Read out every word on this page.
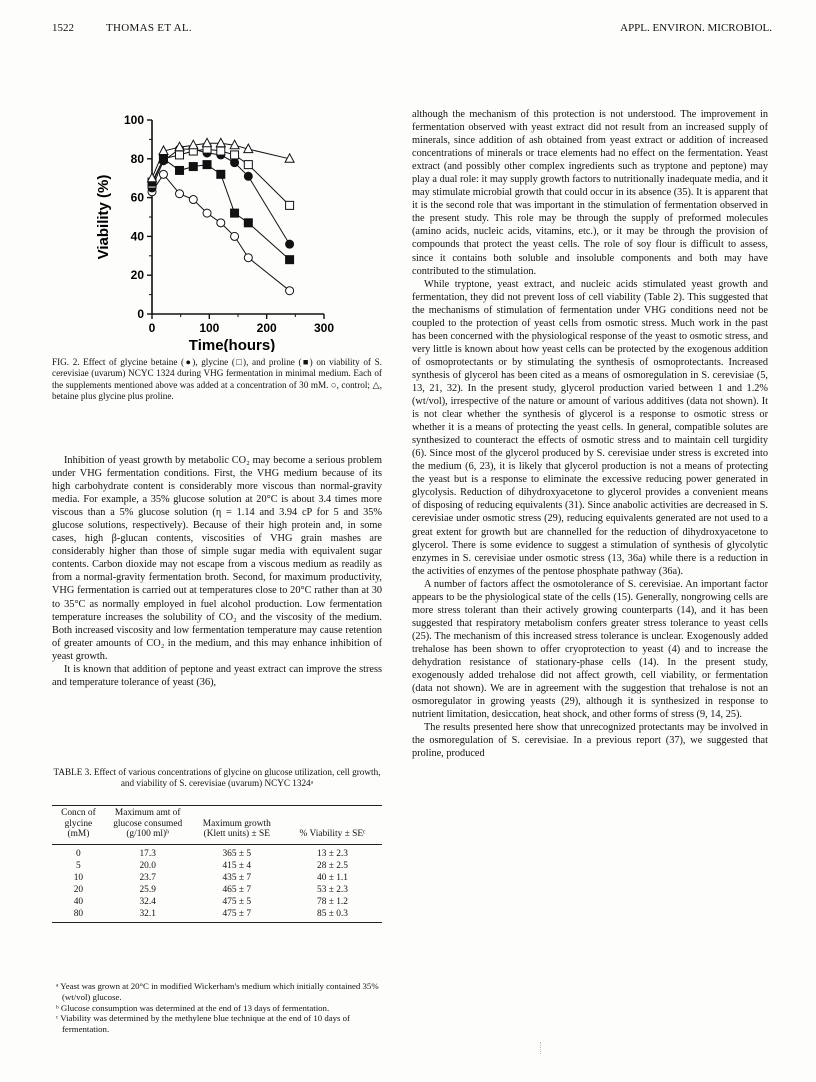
1522	THOMAS ET AL.	APPL. ENVIRON. MICROBIOL.
0
20
40
60
80
100
0	100	200	300
Time(hours)
Viability (%)
FIG. 2. Effect of glycine betaine (●), glycine (□), and proline (■) on viability of S. cerevisiae (uvarum) NCYC 1324 during VHG fermentation in minimal medium. Each of the supplements mentioned above was added at a concentration of 30 mM. ○, control; △, betaine plus glycine plus proline.

Inhibition of yeast growth by metabolic CO₂ may become a serious problem under VHG fermentation conditions. First, the VHG medium because of its high carbohydrate content is considerably more viscous than normal-gravity media. For example, a 35% glucose solution at 20°C is about 3.4 times more viscous than a 5% glucose solution (η = 1.14 and 3.94 cP for 5 and 35% glucose solutions, respectively). Because of their high protein and, in some cases, high β-glucan contents, viscosities of VHG grain mashes are considerably higher than those of simple sugar media with equivalent sugar contents. Carbon dioxide may not escape from a viscous medium as readily as from a normal-gravity fermentation broth. Second, for maximum productivity, VHG fermentation is carried out at temperatures close to 20°C rather than at 30 to 35°C as normally employed in fuel alcohol production. Low fermentation temperature increases the solubility of CO₂ and the viscosity of the medium. Both increased viscosity and low fermentation temperature may cause retention of greater amounts of CO₂ in the medium, and this may enhance inhibition of yeast growth.

It is known that addition of peptone and yeast extract can improve the stress and temperature tolerance of yeast (36),

TABLE 3. Effect of various concentrations of glycine on glucose utilization, cell growth, and viability of S. cerevisiae (uvarum) NCYC 1324ᵃ
Concn of glycine (mM)	Maximum amt of glucose consumed (g/100 ml)ᵇ	Maximum growth (Klett units) ± SE	% Viability ± SEᶜ
0	17.3	365 ± 5	13 ± 2.3
5	20.0	415 ± 4	28 ± 2.5
10	23.7	435 ± 7	40 ± 1.1
20	25.9	465 ± 7	53 ± 2.3
40	32.4	475 ± 5	78 ± 1.2
80	32.1	475 ± 7	85 ± 0.3

ᵃ Yeast was grown at 20°C in modified Wickerham's medium which initially contained 35% (wt/vol) glucose.

ᵇ Glucose consumption was determined at the end of 13 days of fermentation.

ᶜ Viability was determined by the methylene blue technique at the end of 10 days of fermentation.

although the mechanism of this protection is not understood. The improvement in fermentation observed with yeast extract did not result from an increased supply of minerals, since addition of ash obtained from yeast extract or addition of increased concentrations of minerals or trace elements had no effect on the fermentation. Yeast extract (and possibly other complex ingredients such as tryptone and peptone) may play a dual role: it may supply growth factors to nutritionally inadequate media, and it may stimulate microbial growth that could occur in its absence (35). It is apparent that it is the second role that was important in the stimulation of fermentation observed in the present study. This role may be through the supply of preformed molecules (amino acids, nucleic acids, vitamins, etc.), or it may be through the provision of compounds that protect the yeast cells. The role of soy flour is difficult to assess, since it contains both soluble and insoluble components and both may have contributed to the stimulation.

While tryptone, yeast extract, and nucleic acids stimulated yeast growth and fermentation, they did not prevent loss of cell viability (Table 2). This suggested that the mechanisms of stimulation of fermentation under VHG conditions need not be coupled to the protection of yeast cells from osmotic stress. Much work in the past has been concerned with the physiological response of the yeast to osmotic stress, and very little is known about how yeast cells can be protected by the exogenous addition of osmoprotectants or by stimulating the synthesis of osmoprotectants. Increased synthesis of glycerol has been cited as a means of osmoregulation in S. cerevisiae (5, 13, 21, 32). In the present study, glycerol production varied between 1 and 1.2% (wt/vol), irrespective of the nature or amount of various additives (data not shown). It is not clear whether the synthesis of glycerol is a response to osmotic stress or whether it is a means of protecting the yeast cells. In general, compatible solutes are synthesized to counteract the effects of osmotic stress and to maintain cell turgidity (6). Since most of the glycerol produced by S. cerevisiae under stress is excreted into the medium (6, 23), it is likely that glycerol production is not a means of protecting the yeast but is a response to eliminate the excessive reducing power generated in glycolysis. Reduction of dihydroxyacetone to glycerol provides a convenient means of disposing of reducing equivalents (31). Since anabolic activities are decreased in S. cerevisiae under osmotic stress (29), reducing equivalents generated are not used to a great extent for growth but are channelled for the reduction of dihydroxyacetone to glycerol. There is some evidence to suggest a stimulation of synthesis of glycolytic enzymes in S. cerevisiae under osmotic stress (13, 36a) while there is a reduction in the activities of enzymes of the pentose phosphate pathway (36a).

A number of factors affect the osmotolerance of S. cerevisiae. An important factor appears to be the physiological state of the cells (15). Generally, nongrowing cells are more stress tolerant than their actively growing counterparts (14), and it has been suggested that respiratory metabolism confers greater stress tolerance to yeast cells (25). The mechanism of this increased stress tolerance is unclear. Exogenously added trehalose has been shown to offer cryoprotection to yeast (4) and to increase the dehydration resistance of stationary-phase cells (14). In the present study, exogenously added trehalose did not affect growth, cell viability, or fermentation (data not shown). We are in agreement with the suggestion that trehalose is not an osmoregulator in growing yeasts (29), although it is synthesized in response to nutrient limitation, desiccation, heat shock, and other forms of stress (9, 14, 25).

The results presented here show that unrecognized protectants may be involved in the osmoregulation of S. cerevisiae. In a previous report (37), we suggested that proline, produced
